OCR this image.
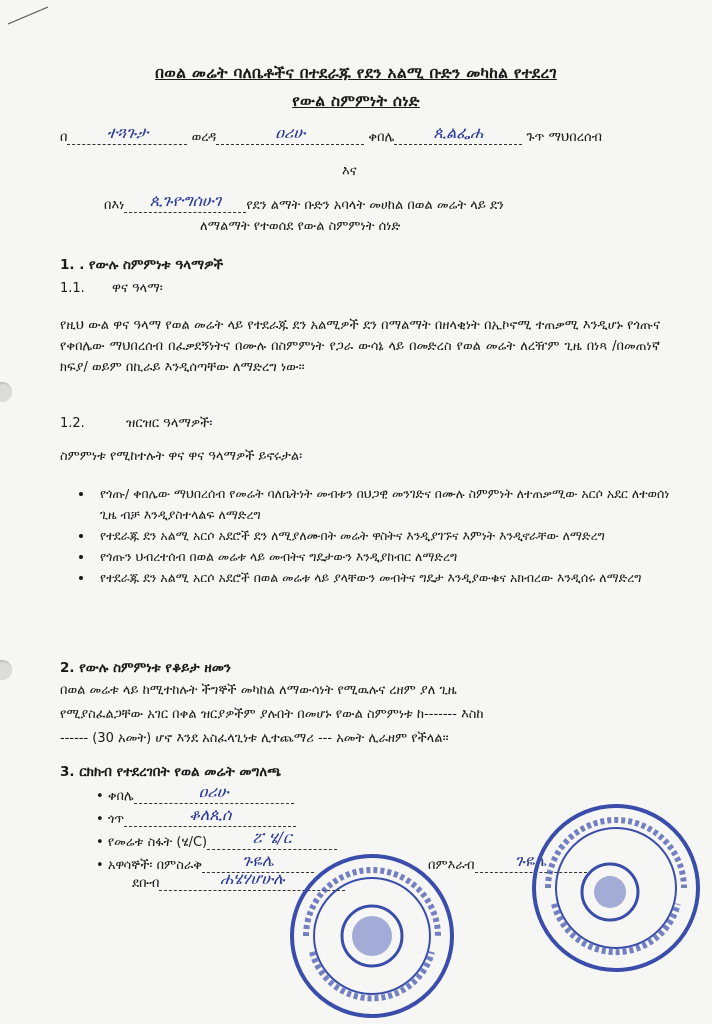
በወል መሬት ባለቤቶችና በተደራጁ የደን አልሚ ቡድን መካከል የተደረገ
የውል ስምምነት ሰነድ
በ	ተጓጉታ	ወረዳ	ዐሪሁ	ቀበሌ	ጲልፌሐ	ጉጥ ማህበረሰብ
እና
በእነ	ጲጉዮግሰሁገ	የደን ልማት ቡድን አባላት መሀከል በወል መሬት ላይ ደን
ለማልማት የተወሰደ የውል ስምምነት ሰነድ
1. . የውሉ ስምምነቱ ዓላማዎች
1.1. ዋና ዓላማ፡
የዚህ ውል ዋና ዓላማ የወል መሬት ላይ የተደራጁ ደን አልሚዎች ደን በማልማት በዘላቂነት በኢኮኖሚ ተጠቃሚ እንዲሆኑ የጎጡና የቀበሌው ማህበረሰብ በፈቃደኝነትና በሙሉ በስምምነት የጋራ ውሳኔ ላይ በመድረስ የወል መሬት ለረዥም ጊዜ በነጻ /በመጠነኛ ክፍያ/ ወይም በኪራይ እንዲሰጣቸው ለማድረግ ነው፡፡
1.2.	ዝርዝር ዓላማዎች፡
ስምምነቱ የሚከተሉት ዋና ዋና ዓላማዎች ይኖሩታል፡
• የጎጡ/ ቀበሌው ማህበረሰብ የመሬት ባለቤትነት መብቱን በህጋዊ መንገድና በሙሉ ስምምነት ለተጠቃሚው አርሶ አደር ለተወሰነ ጊዜ ብቻ እንዲያስተላልፍ ለማድረግ
• የተደራጁ ደን አልሚ አርሶ አደሮች ደን ለሚያለሙበት መሬት ዋስትና እንዲያገኙና እምነት እንዲኖራቸው ለማድረግ
• የጎጡን ህብረተሰብ በወል መሬቱ ላይ መብትና ግዴታውን እንዲያከብር ለማድረግ
• የተደራጁ ደን አልሚ አርሶ አደሮች በወል መሬቱ ላይ ያላቸውን መብትና ግዴታ እንዲያውቁና አክብረው እንዲሰሩ ለማድረግ
2. የውሉ ስምምነቱ የቆይታ ዘመን
በወል መሬቱ ላይ ከሚተከሉት ችግኞች መካከል ለማውሳነት የሚዉሉና ረዘም ያለ ጊዜ
የሚያስፈልጋቸው አገር በቀል ዝርያዎችም ያሉበት በመሆኑ የውል ስምምነቱ ከ------- እስከ
------ (30 አመት) ሆኖ እንደ አስፈላጊነቱ ሊተጨማሪ --- አመት ሊራዘም የችላል፡፡
3. ርክክብ የተደረገበት የወል መሬት መግለጫ
• ቀበሌ	ዐሪሁ
• ጎጥ	ቆለጲሰ
• የመሬቱ ስፋት (ሄ/C)	ፘ ሄ/ር
• አዋሳኞች፡ በምስራቅ	ጉዬሌ	በምእራብ	ጉዬሌ
ደቡብ	ሐሄሃሆሁሉ
